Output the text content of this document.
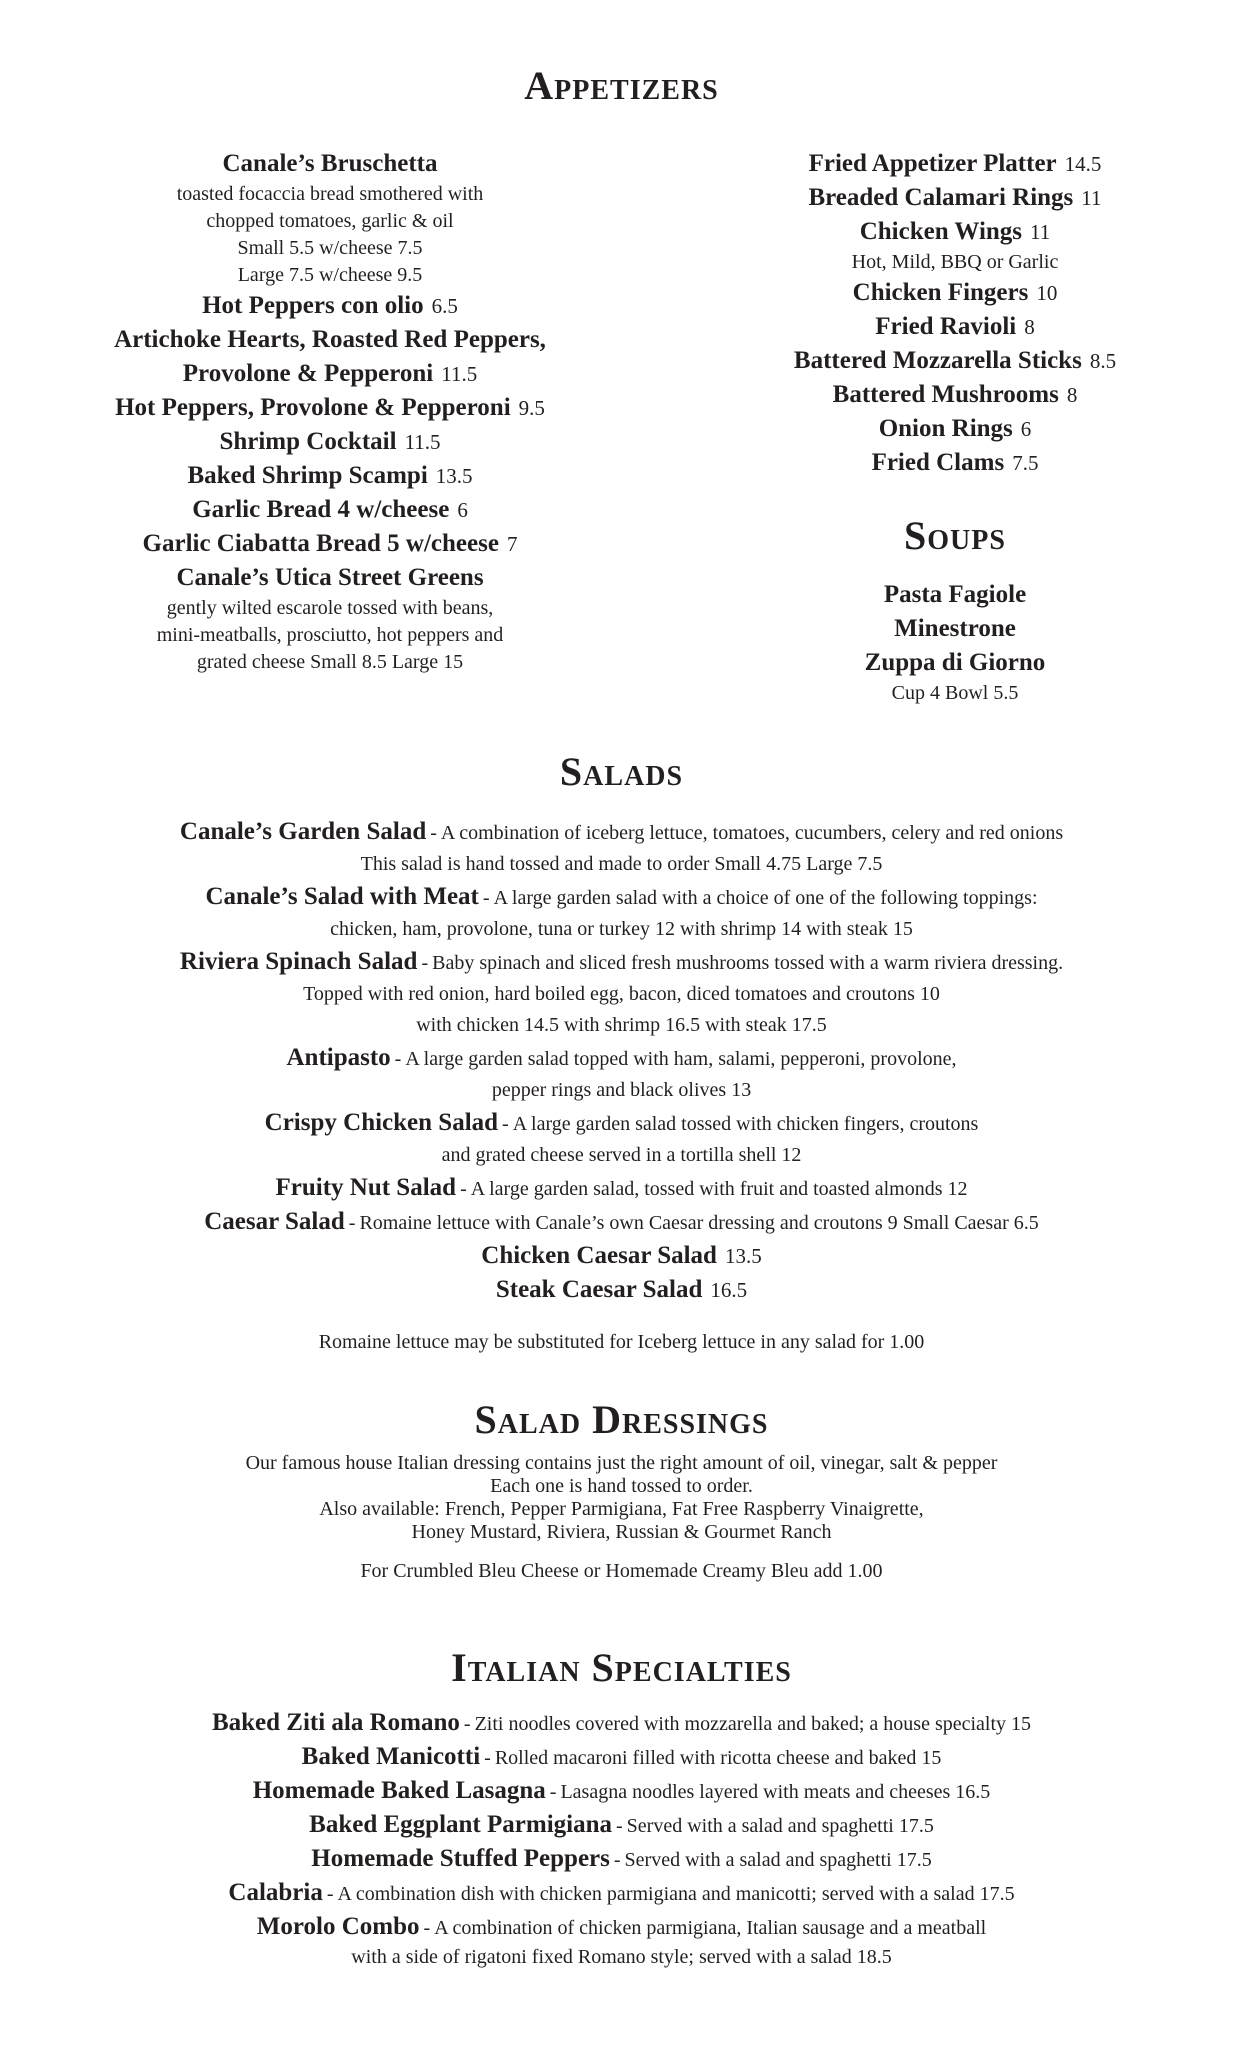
Appetizers
Canale’s Bruschetta
toasted focaccia bread smothered with
chopped tomatoes, garlic & oil
Small 5.5 w/cheese 7.5
Large 7.5 w/cheese 9.5
Hot Peppers con olio 6.5
Artichoke Hearts, Roasted Red Peppers,
Provolone & Pepperoni 11.5
Hot Peppers, Provolone & Pepperoni 9.5
Shrimp Cocktail 11.5
Baked Shrimp Scampi 13.5
Garlic Bread 4 w/cheese 6
Garlic Ciabatta Bread 5 w/cheese 7
Canale’s Utica Street Greens
gently wilted escarole tossed with beans,
mini-meatballs, prosciutto, hot peppers and
grated cheese Small 8.5 Large 15
Fried Appetizer Platter 14.5
Breaded Calamari Rings 11
Chicken Wings 11
Hot, Mild, BBQ or Garlic
Chicken Fingers 10
Fried Ravioli 8
Battered Mozzarella Sticks 8.5
Battered Mushrooms 8
Onion Rings 6
Fried Clams 7.5
Soups
Pasta Fagiole
Minestrone
Zuppa di Giorno
Cup 4 Bowl 5.5
Salads
Canale’s Garden Salad - A combination of iceberg lettuce, tomatoes, cucumbers, celery and red onions
This salad is hand tossed and made to order Small 4.75 Large 7.5
Canale’s Salad with Meat - A large garden salad with a choice of one of the following toppings:
chicken, ham, provolone, tuna or turkey 12 with shrimp 14 with steak 15
Riviera Spinach Salad - Baby spinach and sliced fresh mushrooms tossed with a warm riviera dressing.
Topped with red onion, hard boiled egg, bacon, diced tomatoes and croutons 10
with chicken 14.5 with shrimp 16.5 with steak 17.5
Antipasto - A large garden salad topped with ham, salami, pepperoni, provolone,
pepper rings and black olives 13
Crispy Chicken Salad - A large garden salad tossed with chicken fingers, croutons
and grated cheese served in a tortilla shell 12
Fruity Nut Salad - A large garden salad, tossed with fruit and toasted almonds 12
Caesar Salad - Romaine lettuce with Canale’s own Caesar dressing and croutons 9 Small Caesar 6.5
Chicken Caesar Salad 13.5
Steak Caesar Salad 16.5
Romaine lettuce may be substituted for Iceberg lettuce in any salad for 1.00
Salad Dressings
Our famous house Italian dressing contains just the right amount of oil, vinegar, salt & pepper
Each one is hand tossed to order.
Also available: French, Pepper Parmigiana, Fat Free Raspberry Vinaigrette,
Honey Mustard, Riviera, Russian & Gourmet Ranch
For Crumbled Bleu Cheese or Homemade Creamy Bleu add 1.00
Italian Specialties
Baked Ziti ala Romano - Ziti noodles covered with mozzarella and baked; a house specialty 15
Baked Manicotti - Rolled macaroni filled with ricotta cheese and baked 15
Homemade Baked Lasagna - Lasagna noodles layered with meats and cheeses 16.5
Baked Eggplant Parmigiana - Served with a salad and spaghetti 17.5
Homemade Stuffed Peppers - Served with a salad and spaghetti 17.5
Calabria - A combination dish with chicken parmigiana and manicotti; served with a salad 17.5
Morolo Combo - A combination of chicken parmigiana, Italian sausage and a meatball
with a side of rigatoni fixed Romano style; served with a salad 18.5
